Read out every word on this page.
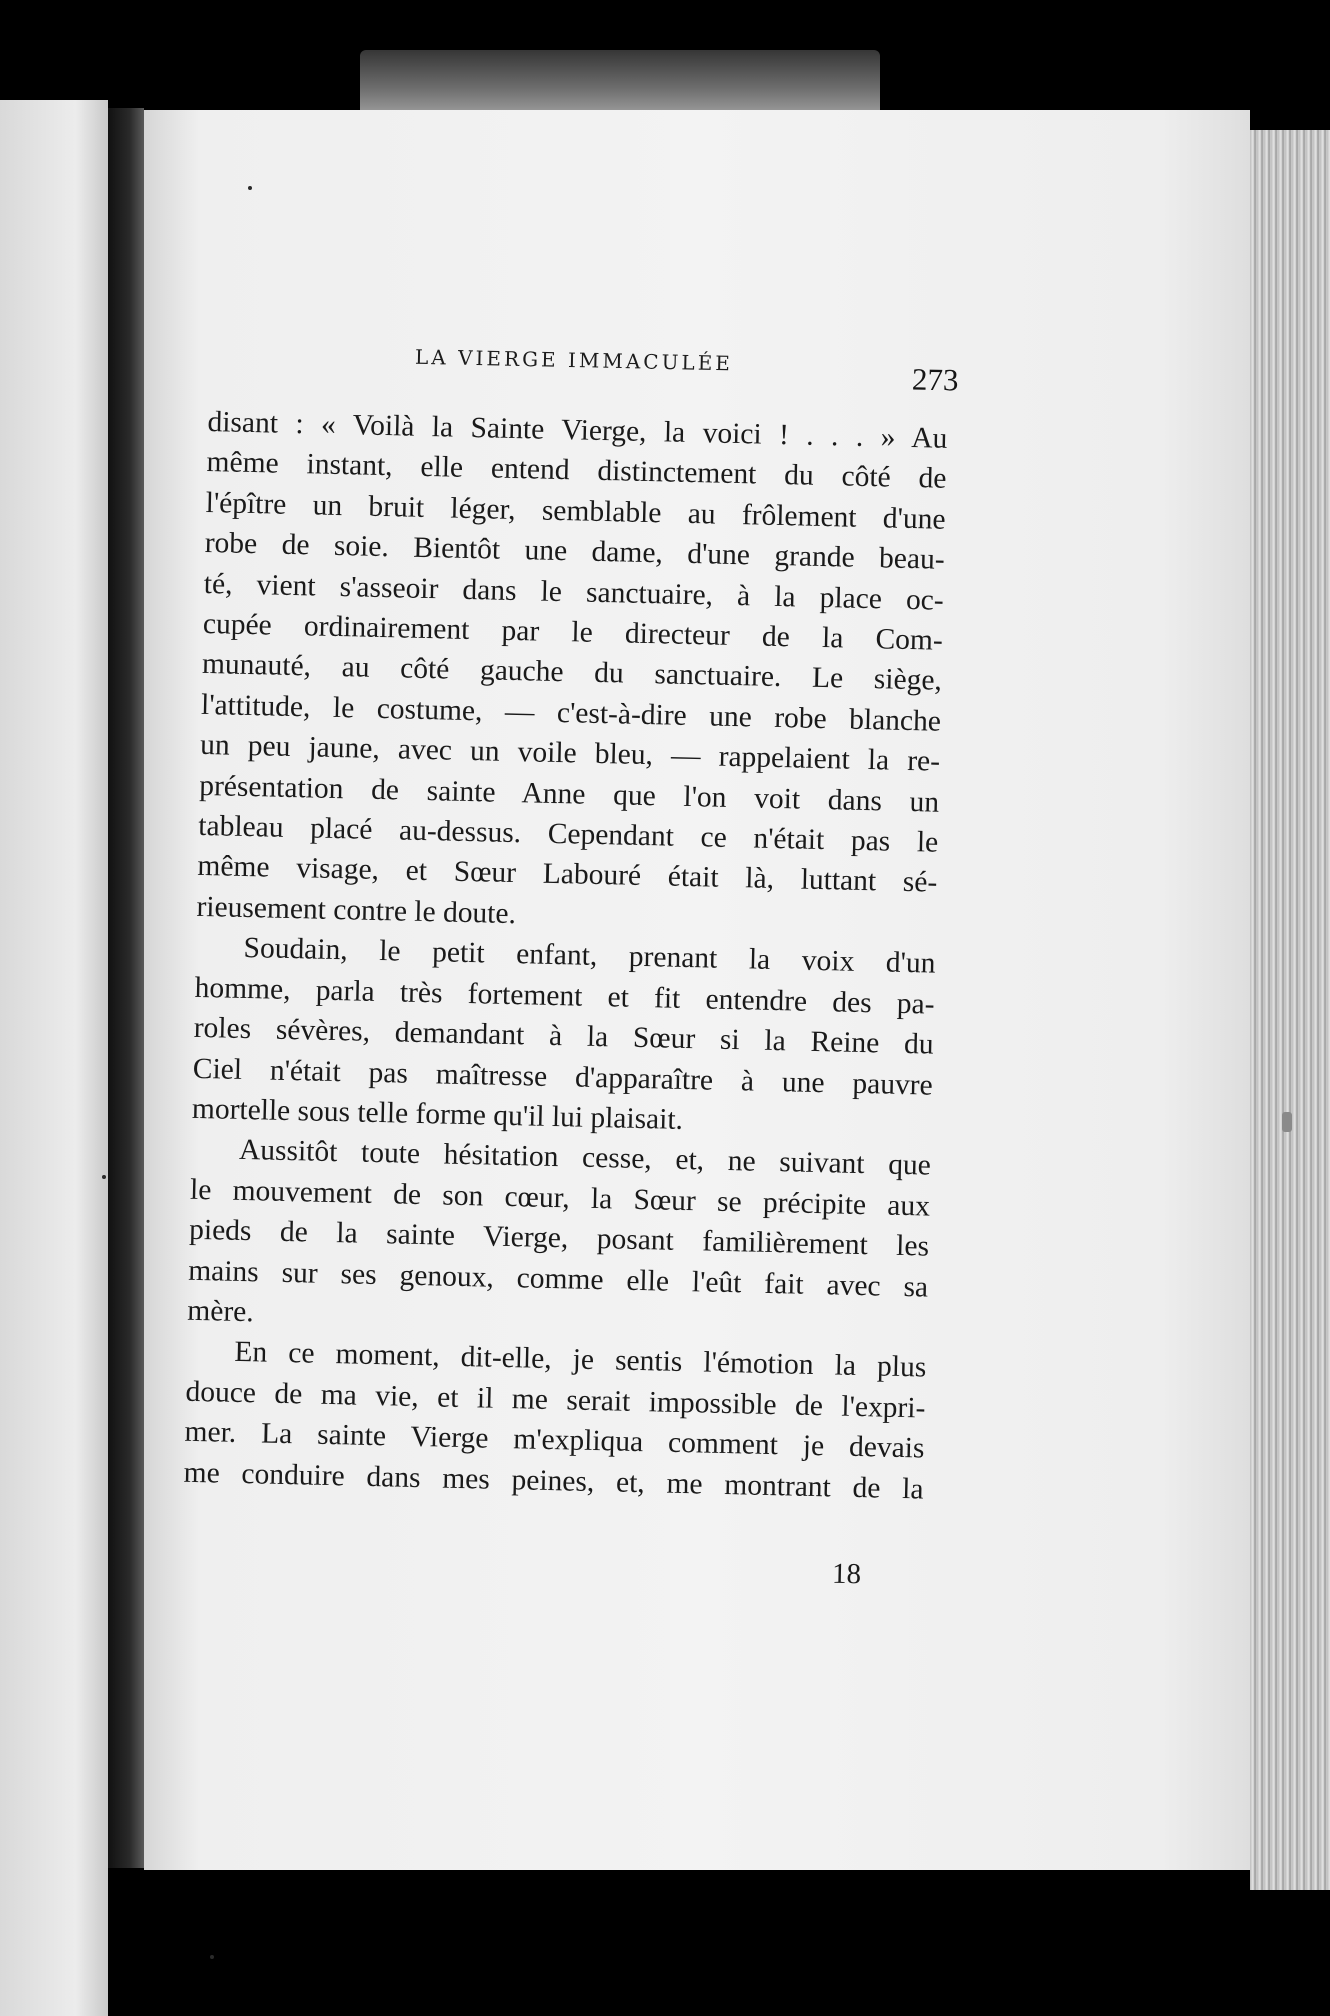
LA VIERGE IMMACULÉE
273

disant : « Voilà la Sainte Vierge, la voici ! . . . » Au
même instant, elle entend distinctement du côté de
l'épître un bruit léger, semblable au frôlement d'une
robe de soie. Bientôt une dame, d'une grande beau-
té, vient s'asseoir dans le sanctuaire, à la place oc-
cupée ordinairement par le directeur de la Com-
munauté, au côté gauche du sanctuaire. Le siège,
l'attitude, le costume, — c'est-à-dire une robe blanche
un peu jaune, avec un voile bleu, — rappelaient la re-
présentation de sainte Anne que l'on voit dans un
tableau placé au-dessus. Cependant ce n'était pas le
même visage, et Sœur Labouré était là, luttant sé-

rieusement contre le doute.

Soudain, le petit enfant, prenant la voix d'un
homme, parla très fortement et fit entendre des pa-
roles sévères, demandant à la Sœur si la Reine du
Ciel n'était pas maîtresse d'apparaître à une pauvre

mortelle sous telle forme qu'il lui plaisait.

Aussitôt toute hésitation cesse, et, ne suivant que
le mouvement de son cœur, la Sœur se précipite aux
pieds de la sainte Vierge, posant familièrement les
mains sur ses genoux, comme elle l'eût fait avec sa

mère.

En ce moment, dit-elle, je sentis l'émotion la plus
douce de ma vie, et il me serait impossible de l'expri-
mer. La sainte Vierge m'expliqua comment je devais
me conduire dans mes peines, et, me montrant de la

18
